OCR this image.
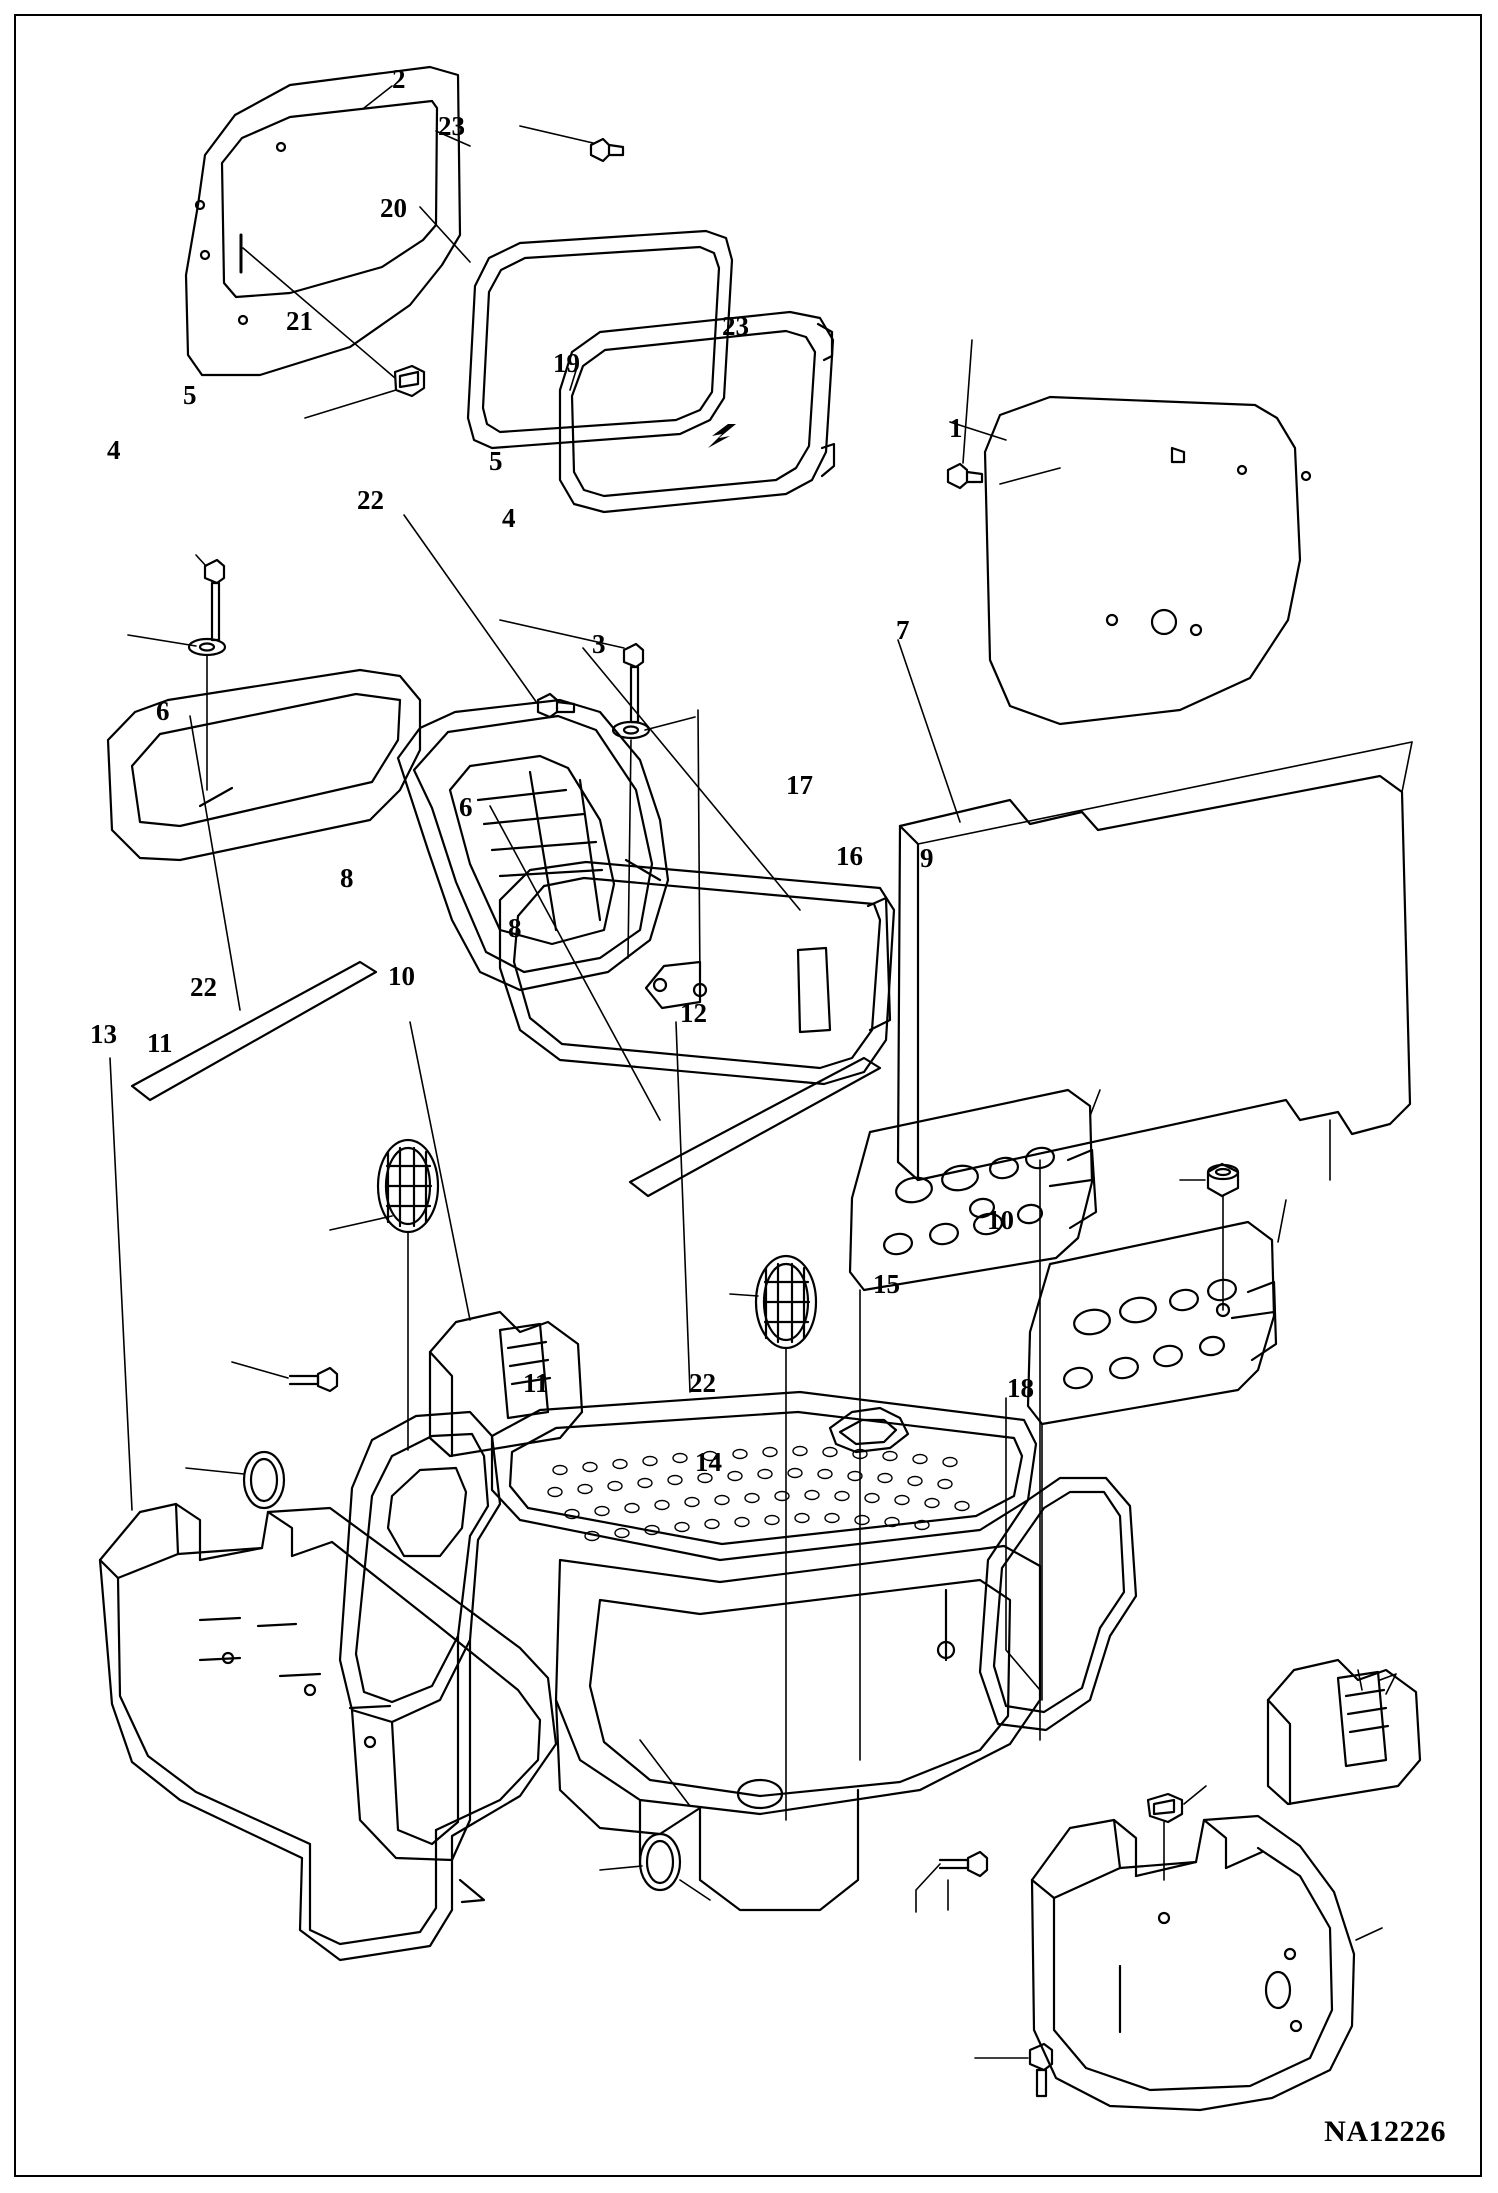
2
23
20
19
21	23
1
5
4
22
5
4
3	7
6
6
17
16 9
8
8
10
12
22
11
13
10
15
11	22	18
14
NA12226
